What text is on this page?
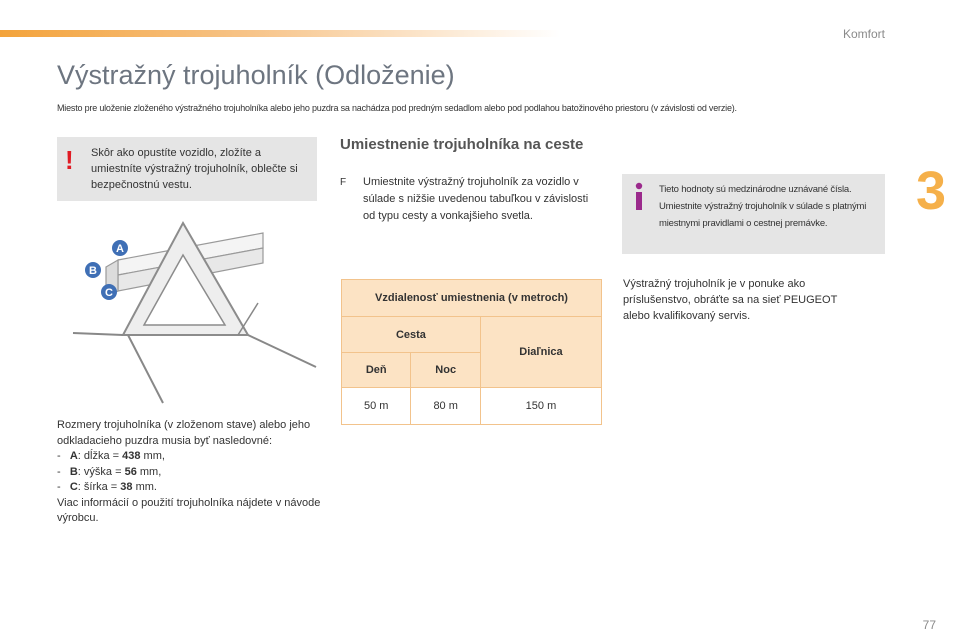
Komfort
3
Výstražný trojuholník (Odloženie)
Miesto pre uloženie zloženého výstražného trojuholníka alebo jeho puzdra sa nachádza pod predným sedadlom alebo pod podlahou batožinového priestoru (v závislosti od verzie).
! Skôr ako opustíte vozidlo, zložíte a umiestníte výstražný trojuholník, oblečte si bezpečnostnú vestu.
A
B
C
Rozmery trojuholníka (v zloženom stave) alebo jeho odkladacieho puzdra musia byť nasledovné:
- A: dĺžka = 438 mm,
- B: výška = 56 mm,
- C: šírka = 38 mm.
Viac informácií o použití trojuholníka nájdete v návode výrobcu.
Umiestnenie trojuholníka na ceste
F Umiestnite výstražný trojuholník za vozidlo v súlade s nižšie uvedenou tabuľkou v závislosti od typu cesty a vonkajšieho svetla.
Vzdialenosť umiestnenia (v metroch)		
Cesta		Diaľnica
Deň	Noc	
50 m	80 m	150 m
Tieto hodnoty sú medzinárodne uznávané čísla. Umiestnite výstražný trojuholník v súlade s platnými miestnymi pravidlami o cestnej premávke.
Výstražný trojuholník je v ponuke ako príslušenstvo, obráťte sa na sieť PEUGEOT alebo kvalifikovaný servis.
77
